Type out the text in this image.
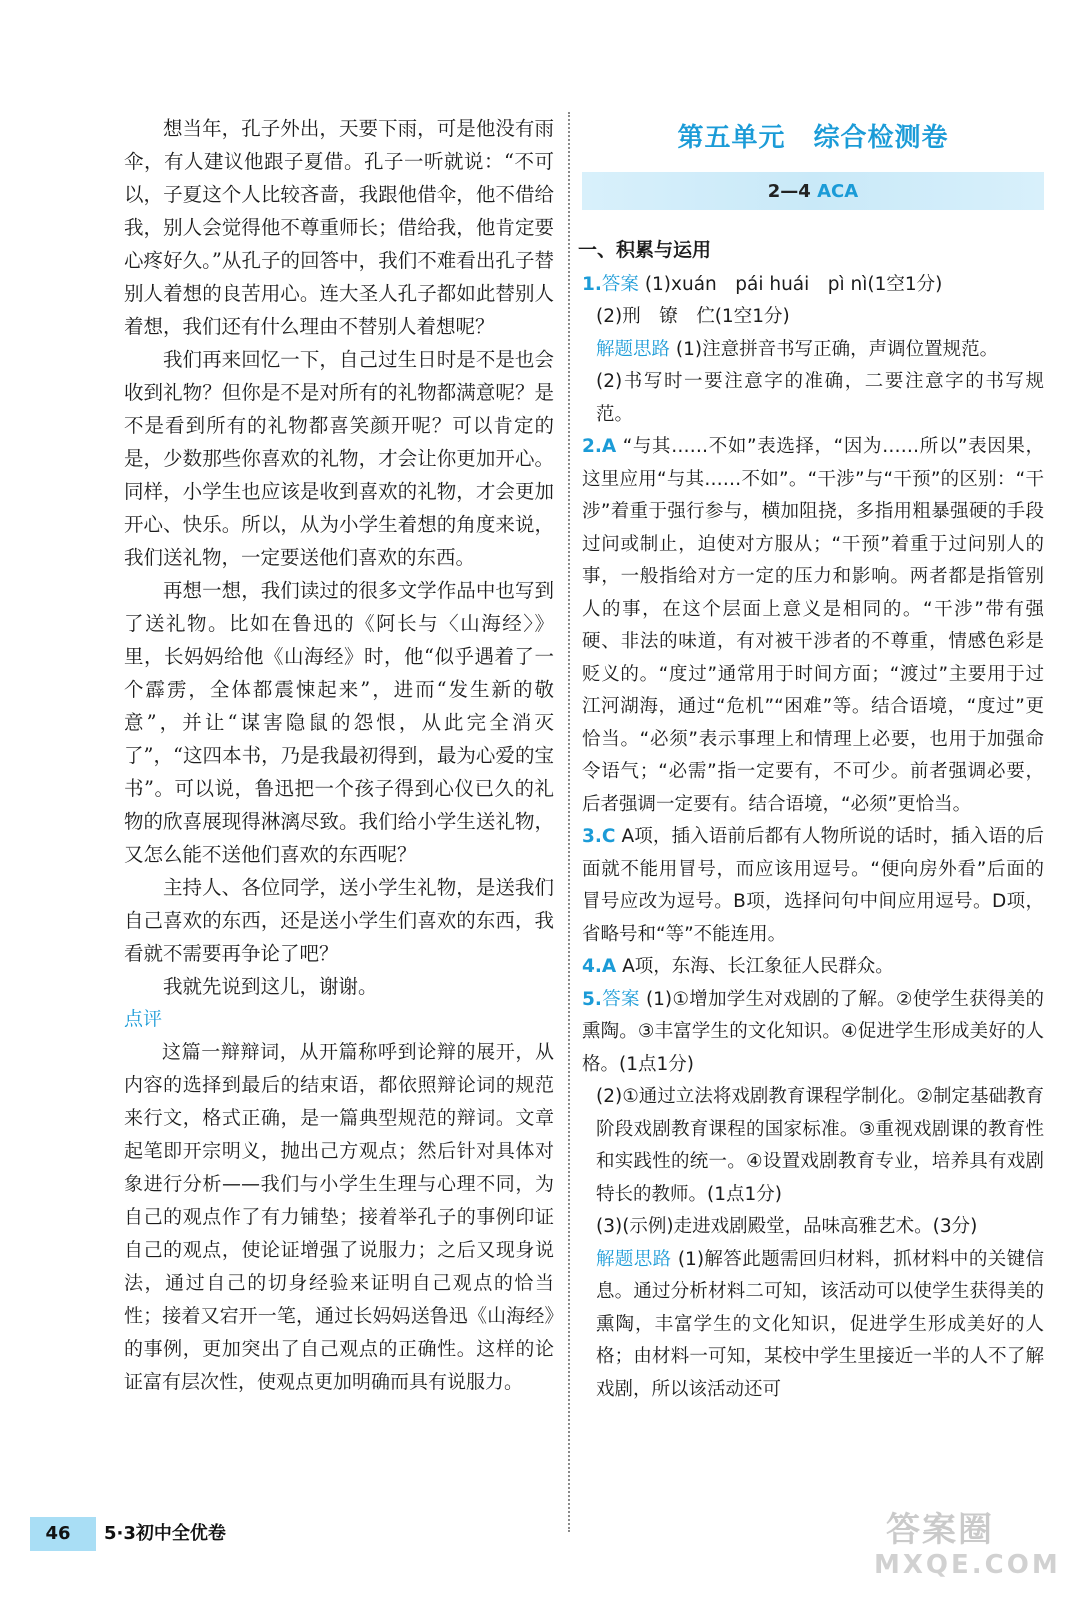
想当年，孔子外出，天要下雨，可是他没有雨伞，有人建议他跟子夏借。孔子一听就说：“不可以，子夏这个人比较吝啬，我跟他借伞，他不借给我，别人会觉得他不尊重师长；借给我，他肯定要心疼好久。”从孔子的回答中，我们不难看出孔子替别人着想的良苦用心。连大圣人孔子都如此替别人着想，我们还有什么理由不替别人着想呢？

我们再来回忆一下，自己过生日时是不是也会收到礼物？但你是不是对所有的礼物都满意呢？是不是看到所有的礼物都喜笑颜开呢？可以肯定的是，少数那些你喜欢的礼物，才会让你更加开心。同样，小学生也应该是收到喜欢的礼物，才会更加开心、快乐。所以，从为小学生着想的角度来说，我们送礼物，一定要送他们喜欢的东西。

再想一想，我们读过的很多文学作品中也写到了送礼物。比如在鲁迅的《阿长与〈山海经〉》里，长妈妈给他《山海经》时，他“似乎遇着了一个霹雳，全体都震悚起来”，进而“发生新的敬意”，并让“谋害隐鼠的怨恨，从此完全消灭了”，“这四本书，乃是我最初得到，最为心爱的宝书”。可以说，鲁迅把一个孩子得到心仪已久的礼物的欣喜展现得淋漓尽致。我们给小学生送礼物，又怎么能不送他们喜欢的东西呢？

主持人、各位同学，送小学生礼物，是送我们自己喜欢的东西，还是送小学生们喜欢的东西，我看就不需要再争论了吧？

我就先说到这儿，谢谢。

点评

这篇一辩辩词，从开篇称呼到论辩的展开，从内容的选择到最后的结束语，都依照辩论词的规范来行文，格式正确，是一篇典型规范的辩词。文章起笔即开宗明义，抛出己方观点；然后针对具体对象进行分析——我们与小学生生理与心理不同，为自己的观点作了有力铺垫；接着举孔子的事例印证自己的观点，使论证增强了说服力；之后又现身说法，通过自己的切身经验来证明自己观点的恰当性；接着又宕开一笔，通过长妈妈送鲁迅《山海经》的事例，更加突出了自己观点的正确性。这样的论证富有层次性，使观点更加明确而具有说服力。

第五单元 综合检测卷
2—4 ACA
一、积累与运用
1.答案 (1)xuán　pái huái　pì nì(1空1分)
(2)刑　镣　伫(1空1分)
解题思路 (1)注意拼音书写正确，声调位置规范。
(2)书写时一要注意字的准确，二要注意字的书写规范。
2.A “与其……不如”表选择，“因为……所以”表因果，这里应用“与其……不如”。“干涉”与“干预”的区别：“干涉”着重于强行参与，横加阻挠，多指用粗暴强硬的手段过问或制止，迫使对方服从；“干预”着重于过问别人的事，一般指给对方一定的压力和影响。两者都是指管别人的事，在这个层面上意义是相同的。“干涉”带有强硬、非法的味道，有对被干涉者的不尊重，情感色彩是贬义的。“度过”通常用于时间方面；“渡过”主要用于过江河湖海，通过“危机”“困难”等。结合语境，“度过”更恰当。“必须”表示事理上和情理上必要，也用于加强命令语气；“必需”指一定要有，不可少。前者强调必要，后者强调一定要有。结合语境，“必须”更恰当。
3.C A项，插入语前后都有人物所说的话时，插入语的后面就不能用冒号，而应该用逗号。“便向房外看”后面的冒号应改为逗号。B项，选择问句中间应用逗号。D项，省略号和“等”不能连用。
4.A A项，东海、长江象征人民群众。
5.答案 (1)①增加学生对戏剧的了解。②使学生获得美的熏陶。③丰富学生的文化知识。④促进学生形成美好的人格。(1点1分)
(2)①通过立法将戏剧教育课程学制化。②制定基础教育阶段戏剧教育课程的国家标准。③重视戏剧课的教育性和实践性的统一。④设置戏剧教育专业，培养具有戏剧特长的教师。(1点1分)
(3)(示例)走进戏剧殿堂，品味高雅艺术。(3分)
解题思路 (1)解答此题需回归材料，抓材料中的关键信息。通过分析材料二可知，该活动可以使学生获得美的熏陶，丰富学生的文化知识，促进学生形成美好的人格；由材料一可知，某校中学生里接近一半的人不了解戏剧，所以该活动还可
46	5·3初中全优卷	答案圈
MXQE.COM
